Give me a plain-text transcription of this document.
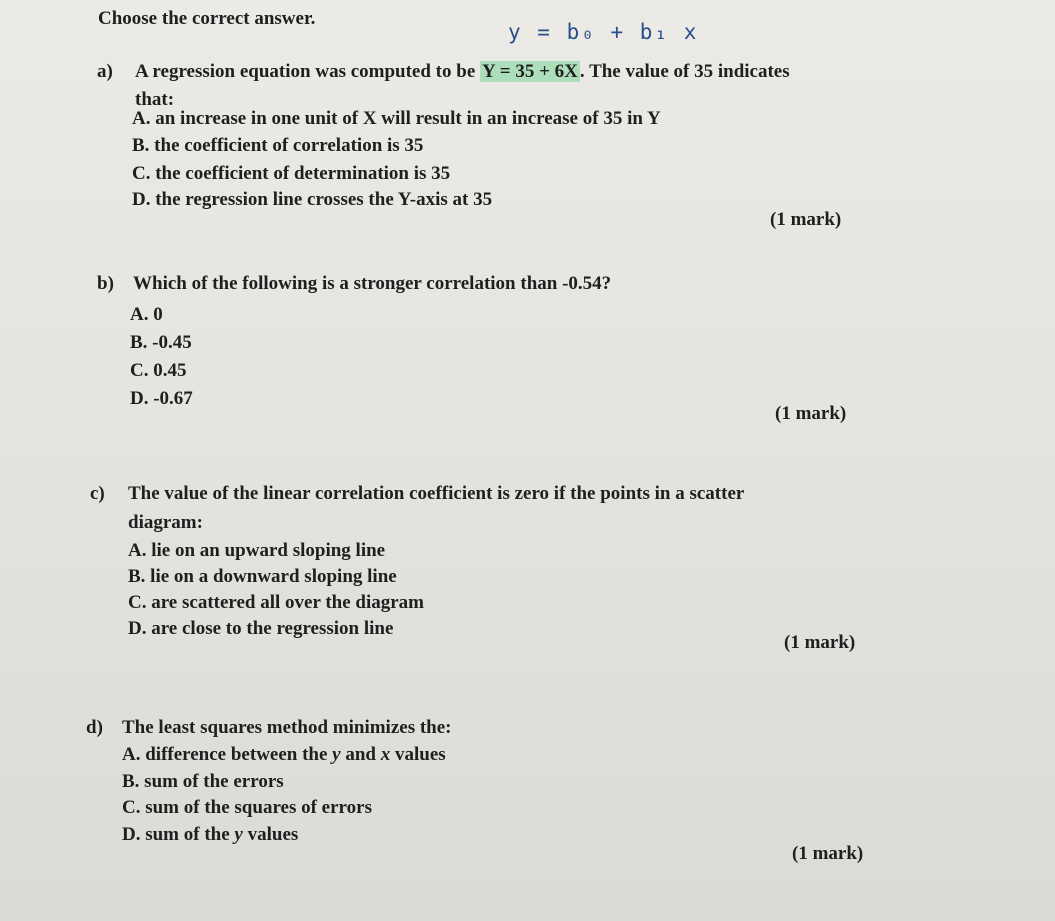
Choose the correct answer.
y = b₀ + b₁ x
a) A regression equation was computed to be Y = 35 + 6X . The value of 35 indicates
that:
A. an increase in one unit of X will result in an increase of 35 in Y
B. the coefficient of correlation is 35
C. the coefficient of determination is 35
D. the regression line crosses the Y-axis at 35
(1 mark)
b) Which of the following is a stronger correlation than -0.54?
A. 0
B. -0.45
C. 0.45
D. -0.67
(1 mark)
c) The value of the linear correlation coefficient is zero if the points in a scatter
diagram:
A. lie on an upward sloping line
B. lie on a downward sloping line
C. are scattered all over the diagram
D. are close to the regression line
(1 mark)
d) The least squares method minimizes the:
A. difference between the y and x values
B. sum of the errors
C. sum of the squares of errors
D. sum of the y values
(1 mark)
